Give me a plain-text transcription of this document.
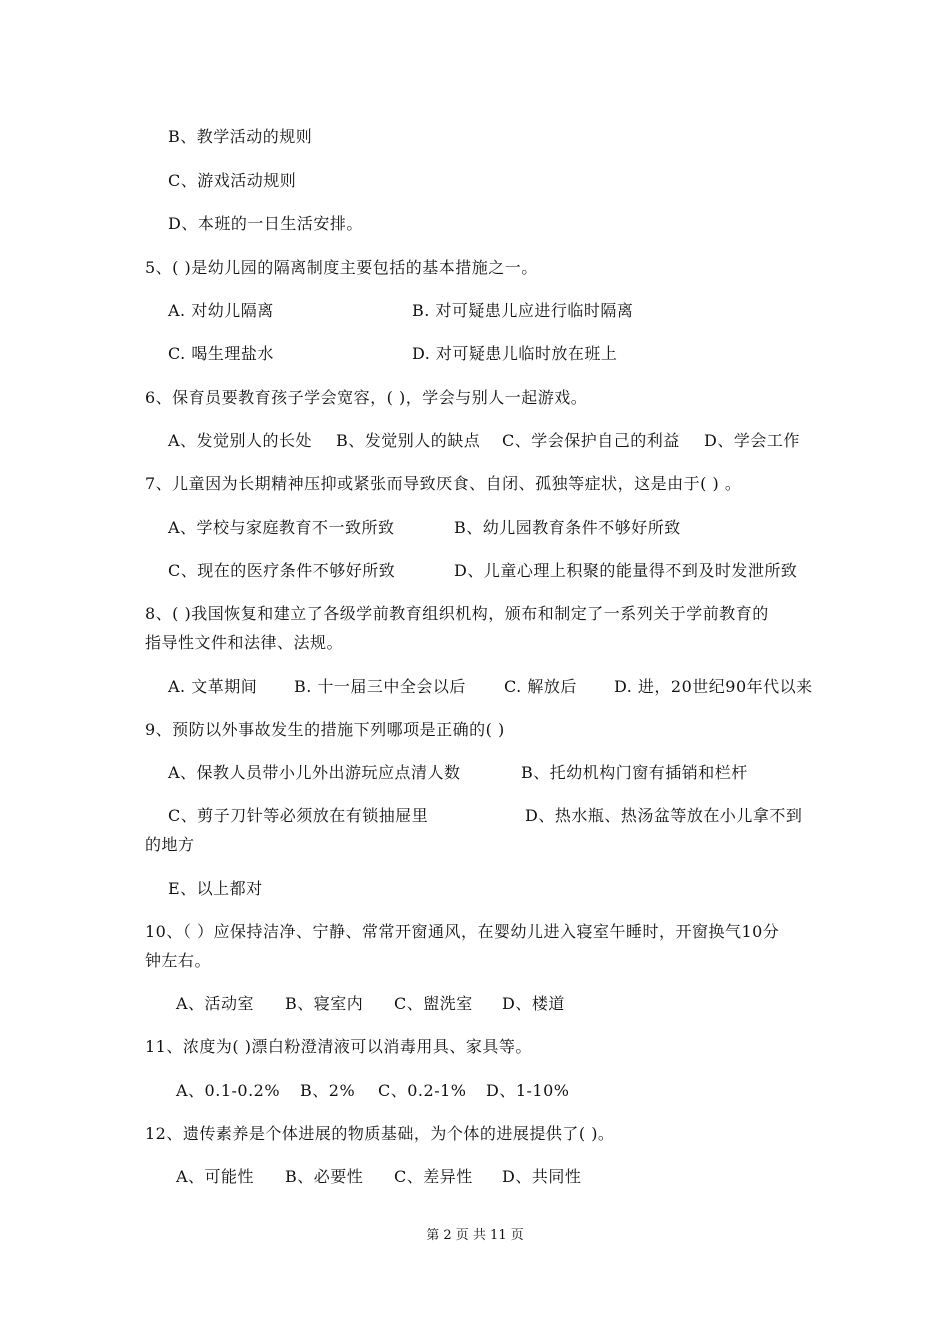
B、教学活动的规则
C、游戏活动规则
D、本班的一日生活安排。
5、( )是幼儿园的隔离制度主要包括的基本措施之一。
A. 对幼儿隔离	B. 对可疑患儿应进行临时隔离
C. 喝生理盐水	D. 对可疑患儿临时放在班上
6、保育员要教育孩子学会宽容，( )，学会与别人一起游戏。
A、发觉别人的长处 B、发觉别人的缺点 C、学会保护自己的利益 D、学会工作
7、儿童因为长期精神压抑或紧张而导致厌食、自闭、孤独等症状，这是由于( ) 。
A、学校与家庭教育不一致所致	B、幼儿园教育条件不够好所致
C、现在的医疗条件不够好所致	D、儿童心理上积聚的能量得不到及时发泄所致
8、( )我国恢复和建立了各级学前教育组织机构，颁布和制定了一系列关于学前教育的
指导性文件和法律、法规。
A. 文革期间 B. 十一届三中全会以后 C. 解放后 D. 进，20世纪90年代以来
9、预防以外事故发生的措施下列哪项是正确的( )
A、保教人员带小儿外出游玩应点清人数	B、托幼机构门窗有插销和栏杆
C、剪子刀针等必须放在有锁抽屉里	D、热水瓶、热汤盆等放在小儿拿不到
的地方
E、以上都对
10、（ ）应保持洁净、宁静、常常开窗通风，在婴幼儿进入寝室午睡时，开窗换气10分
钟左右。
A、活动室 B、寝室内 C、盥洗室 D、楼道
11、浓度为( )漂白粉澄清液可以消毒用具、家具等。
A、0.1-0.2% B、2% C、0.2-1% D、1-10%
12、遗传素养是个体进展的物质基础，为个体的进展提供了( )。
A、可能性 B、必要性 C、差异性 D、共同性
第 2 页 共 11 页
